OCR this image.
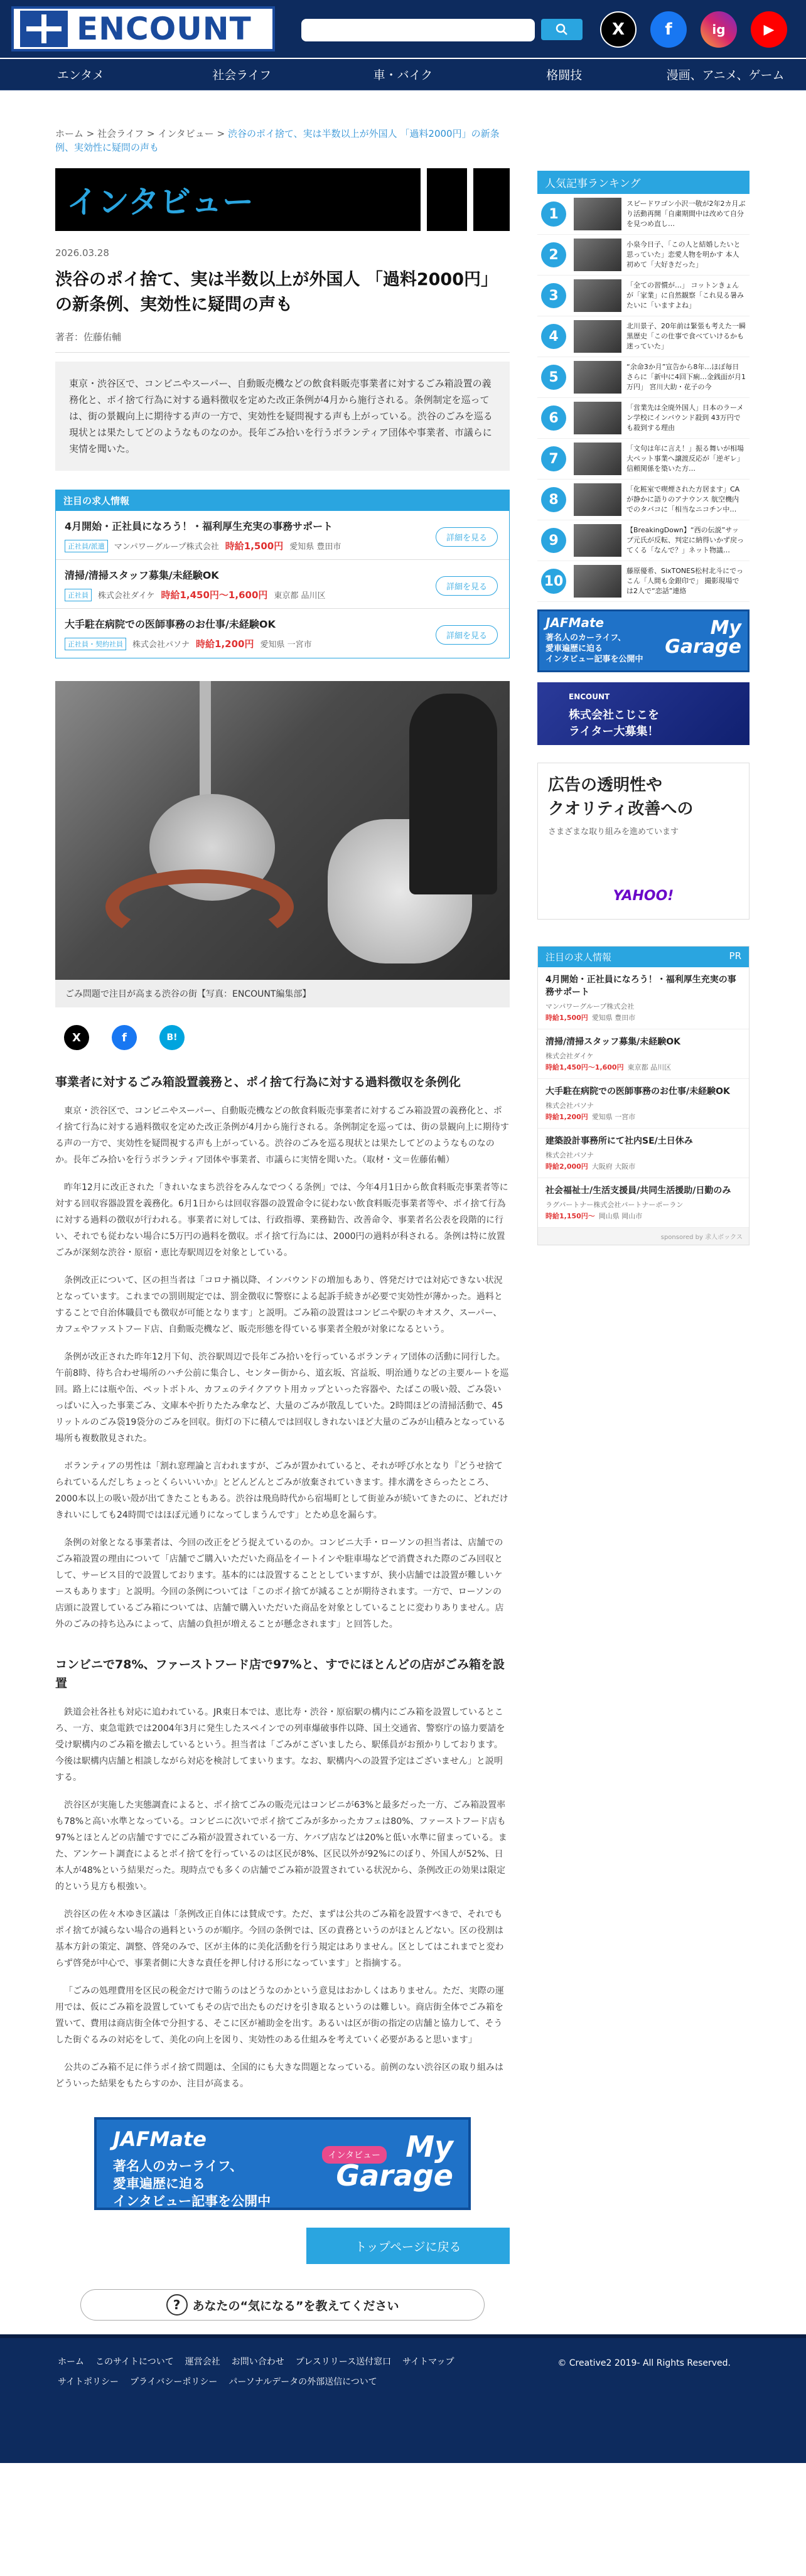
ENCOUNT	X	f	ig	▶
エンタメ	社会ライフ	車・バイク	格闘技	漫画、アニメ、ゲーム
ホーム > 社会ライフ > インタビュー > 渋谷のポイ捨て、実は半数以上が外国人 「過料2000円」の新条例、実効性に疑問の声も
インタビュー
2026.03.28
渋谷のポイ捨て、実は半数以上が外国人 「過料2000円」の新条例、実効性に疑問の声も
著者：佐藤佑輔
東京・渋谷区で、コンビニやスーパー、自動販売機などの飲食料販売事業者に対するごみ箱設置の義務化と、ポイ捨て行為に対する過料徴収を定めた改正条例が4月から施行される。条例制定を巡っては、街の景観向上に期待する声の一方で、実効性を疑問視する声も上がっている。渋谷のごみを巡る現状とは果たしてどのようなものなのか。長年ごみ拾いを行うボランティア団体や事業者、市議らに実情を聞いた。
注目の求人情報
4月開始・正社員になろう！・福利厚生充実の事務サポート
正社員/派遣	マンパワーグループ株式会社 時給1,500円 愛知県 豊田市
詳細を見る
清掃/清掃スタッフ募集/未経験OK
正社員	株式会社ダイケ 時給1,450円〜1,600円 東京都 品川区
詳細を見る
大手駐在病院での医師事務のお仕事/未経験OK
正社員・契約社員	株式会社パソナ 時給1,200円 愛知県 一宮市
詳細を見る
ごみ問題で注目が高まる渋谷の街【写真：ENCOUNT編集部】
X	f	B!
事業者に対するごみ箱設置義務と、ポイ捨て行為に対する過料徴収を条例化

東京・渋谷区で、コンビニやスーパー、自動販売機などの飲食料販売事業者に対するごみ箱設置の義務化と、ポイ捨て行為に対する過料徴収を定めた改正条例が4月から施行される。条例制定を巡っては、街の景観向上に期待する声の一方で、実効性を疑問視する声も上がっている。渋谷のごみを巡る現状とは果たしてどのようなものなのか。長年ごみ拾いを行うボランティア団体や事業者、市議らに実情を聞いた。（取材・文＝佐藤佑輔）

昨年12月に改正された「きれいなまち渋谷をみんなでつくる条例」では、今年4月1日から飲食料販売事業者等に対する回収容器設置を義務化。6月1日からは回収容器の設置命令に従わない飲食料販売事業者等や、ポイ捨て行為に対する過料の徴収が行われる。事業者に対しては、行政指導、業務勧告、改善命令、事業者名公表を段階的に行い、それでも従わない場合に5万円の過料を徴収。ポイ捨て行為には、2000円の過料が科される。条例は特に放置ごみが深刻な渋谷・原宿・恵比寿駅周辺を対象としている。

条例改正について、区の担当者は「コロナ禍以降、インバウンドの増加もあり、啓発だけでは対応できない状況となっています。これまでの罰則規定では、罰金徴収に警察による起訴手続きが必要で実効性が薄かった。過料とすることで自治体職員でも徴収が可能となります」と説明。ごみ箱の設置はコンビニや駅のキオスク、スーパー、カフェやファストフード店、自動販売機など、販売形態を得ている事業者全般が対象になるという。

条例が改正された昨年12月下旬、渋谷駅周辺で長年ごみ拾いを行っているボランティア団体の活動に同行した。午前8時、待ち合わせ場所のハチ公前に集合し、センター街から、道玄坂、宮益坂、明治通りなどの主要ルートを巡回。路上には瓶や缶、ペットボトル、カフェのテイクアウト用カップといった容器や、たばこの吸い殻、ごみ袋いっぱいに入った事業ごみ、文庫本や折りたたみ傘など、大量のごみが散乱していた。2時間ほどの清掃活動で、45リットルのごみ袋19袋分のごみを回収。街灯の下に積んでは回収しきれないほど大量のごみが山積みとなっている場所も複数散見された。

ボランティアの男性は「割れ窓理論と言われますが、ごみが置かれていると、それが呼び水となり『どうせ捨てられているんだしちょっとくらいいいか』とどんどんとごみが放棄されていきます。排水溝をさらったところ、2000本以上の吸い殻が出てきたこともある。渋谷は飛鳥時代から宿場町として街並みが続いてきたのに、どれだけきれいにしても24時間ではほぼ元通りになってしまうんです」とため息を漏らす。

条例の対象となる事業者は、今回の改正をどう捉えているのか。コンビニ大手・ローソンの担当者は、店舗でのごみ箱設置の理由について「店舗でご購入いただいた商品をイートインや駐車場などで消費された際のごみ回収として、サービス目的で設置しております。基本的には設置することとしていますが、狭小店舗では設置が難しいケースもあります」と説明。今回の条例については「このポイ捨てが減ることが期待されます。一方で、ローソンの店頭に設置しているごみ箱については、店舗で購入いただいた商品を対象としていることに変わりありません。店外のごみの持ち込みによって、店舗の負担が増えることが懸念されます」と回答した。

コンビニで78%、ファーストフード店で97%と、すでにほとんどの店がごみ箱を設置

鉄道会社各社も対応に追われている。JR東日本では、恵比寿・渋谷・原宿駅の構内にごみ箱を設置しているところ、一方、東急電鉄では2004年3月に発生したスペインでの列車爆破事件以降、国土交通省、警察庁の協力要請を受け駅構内のごみ箱を撤去しているという。担当者は「ごみがこざいましたら、駅係員がお預かりしております。今後は駅構内店舗と相談しながら対応を検討してまいります。なお、駅構内への設置予定はございません」と説明する。

渋谷区が実施した実態調査によると、ポイ捨てごみの販売元はコンビニが63%と最多だった一方、ごみ箱設置率も78%と高い水準となっている。コンビニに次いでポイ捨てごみが多かったカフェは80%、ファーストフード店も97%とほとんどの店舗ですでにごみ箱が設置されている一方、ケバブ店などは20%と低い水準に留まっている。また、アンケート調査によるとポイ捨てを行っているのは区民が8%、区民以外が92%にのぼり、外国人が52%、日本人が48%という結果だった。現時点でも多くの店舗でごみ箱が設置されている状況から、条例改正の効果は限定的という見方も根強い。

渋谷区の佐々木ゆき区議は「条例改正自体には賛成です。ただ、まずは公共のごみ箱を設置すべきで、それでもポイ捨てが減らない場合の過料というのが順序。今回の条例では、区の責務というのがほとんどない。区の役割は基本方針の策定、調整、啓発のみで、区が主体的に美化活動を行う規定はありません。区としてはこれまでと変わらず啓発が中心で、事業者側に大きな責任を押し付ける形になっています」と指摘する。

「ごみの処理費用を区民の税金だけで賄うのはどうなのかという意見はおかしくはありません。ただ、実際の運用では、仮にごみ箱を設置していてもその店で出たものだけを引き取るというのは難しい。商店街全体でごみ箱を置いて、費用は商店街全体で分担する、そこに区が補助金を出す。あるいは区が街の指定の店舗と協力して、そうした街ぐるみの対応をして、美化の向上を図り、実効性のある仕組みを考えていく必要があると思います」

公共のごみ箱不足に伴うポイ捨て問題は、全国的にも大きな問題となっている。前例のない渋谷区の取り組みはどういった結果をもたらすのか、注目が高まる。

JAFMate
著名人のカーライフ、
愛車遍歴に迫る
インタビュー記事を公開中
インタビュー My
Garage
トップページに戻る
?	あなたの“気になる”を教えてください
人気記事ランキング
1
スピードワゴン小沢一敬が2年2カ月ぶり活動再開「自粛期間中は改めて自分を見つめ直し…
2
小泉今日子、「この人と結婚したいと思っていた」恋愛人物を明かす 本人初めて「大好きだった」
3
「全ての習慣が…」 コットンきょんが「家業」に自然観察「これ見る暑みたいに「いますよね」
4
北川景子、20年前は緊張も考えた一瞬黒歴史「この仕事で食べていけるかも迷っていた」
5
“余命3か月”宣告から8年…ほぼ毎日さらに「新中に4回下痢…金銭面が月1万円」 宮川大助・花子の今
6
「営業先は全廃外国人」日本のラーメン学校にインバウンド殺到 43万円でも殺到する理由
7
「文句は年に言え！」振る舞いが相場 大ペット事業へ譲渡反応が「逆ギレ」信頼関係を築いた方…
8
「化粧室で喫煙された方居ます」CAが静かに語りのアナウンス 航空機内でのタバコに「相当なニコチン中…
9
【BreakingDown】“西の伝説”サップ元氏が反転、判定に納得いかず戻ってくる「なんで？」ネット物議…
10
藤原優希、SixTONES松村北斗にでっこん「人間も金銀印で」 撮影現場では2人で“恋話”連絡
JAFMate
著名人のカーライフ、
愛車遍歴に迫る
インタビュー記事を公開中
My
Garage
ENCOUNT
株式会社こじこを
ライター大募集！
広告の透明性や
クオリティ改善への
さまざまな取り組みを進めています
YAHOO!
注目の求人情報	PR
4月開始・正社員になろう！・福利厚生充実の事務サポート
マンパワーグループ株式会社
時給1,500円 愛知県 豊田市
清掃/清掃スタッフ募集/未経験OK
株式会社ダイケ
時給1,450円〜1,600円 東京都 品川区
大手駐在病院での医師事務のお仕事/未経験OK
株式会社パソナ
時給1,200円 愛知県 一宮市
建築設計事務所にて社内SE/土日休み
株式会社パソナ
時給2,000円 大阪府 大阪市
社会福祉士/生活支援員/共同生活援助/日勤のみ
ラグパートナー株式会社パートナーポーラン
時給1,150円〜 岡山県 岡山市
sponsored by 求人ボックス
ホーム このサイトについて 運営会社 お問い合わせ プレスリリース送付窓口 サイトマップ
サイトポリシー プライバシーポリシー パーソナルデータの外部送信について
© Creative2 2019- All Rights Reserved.
